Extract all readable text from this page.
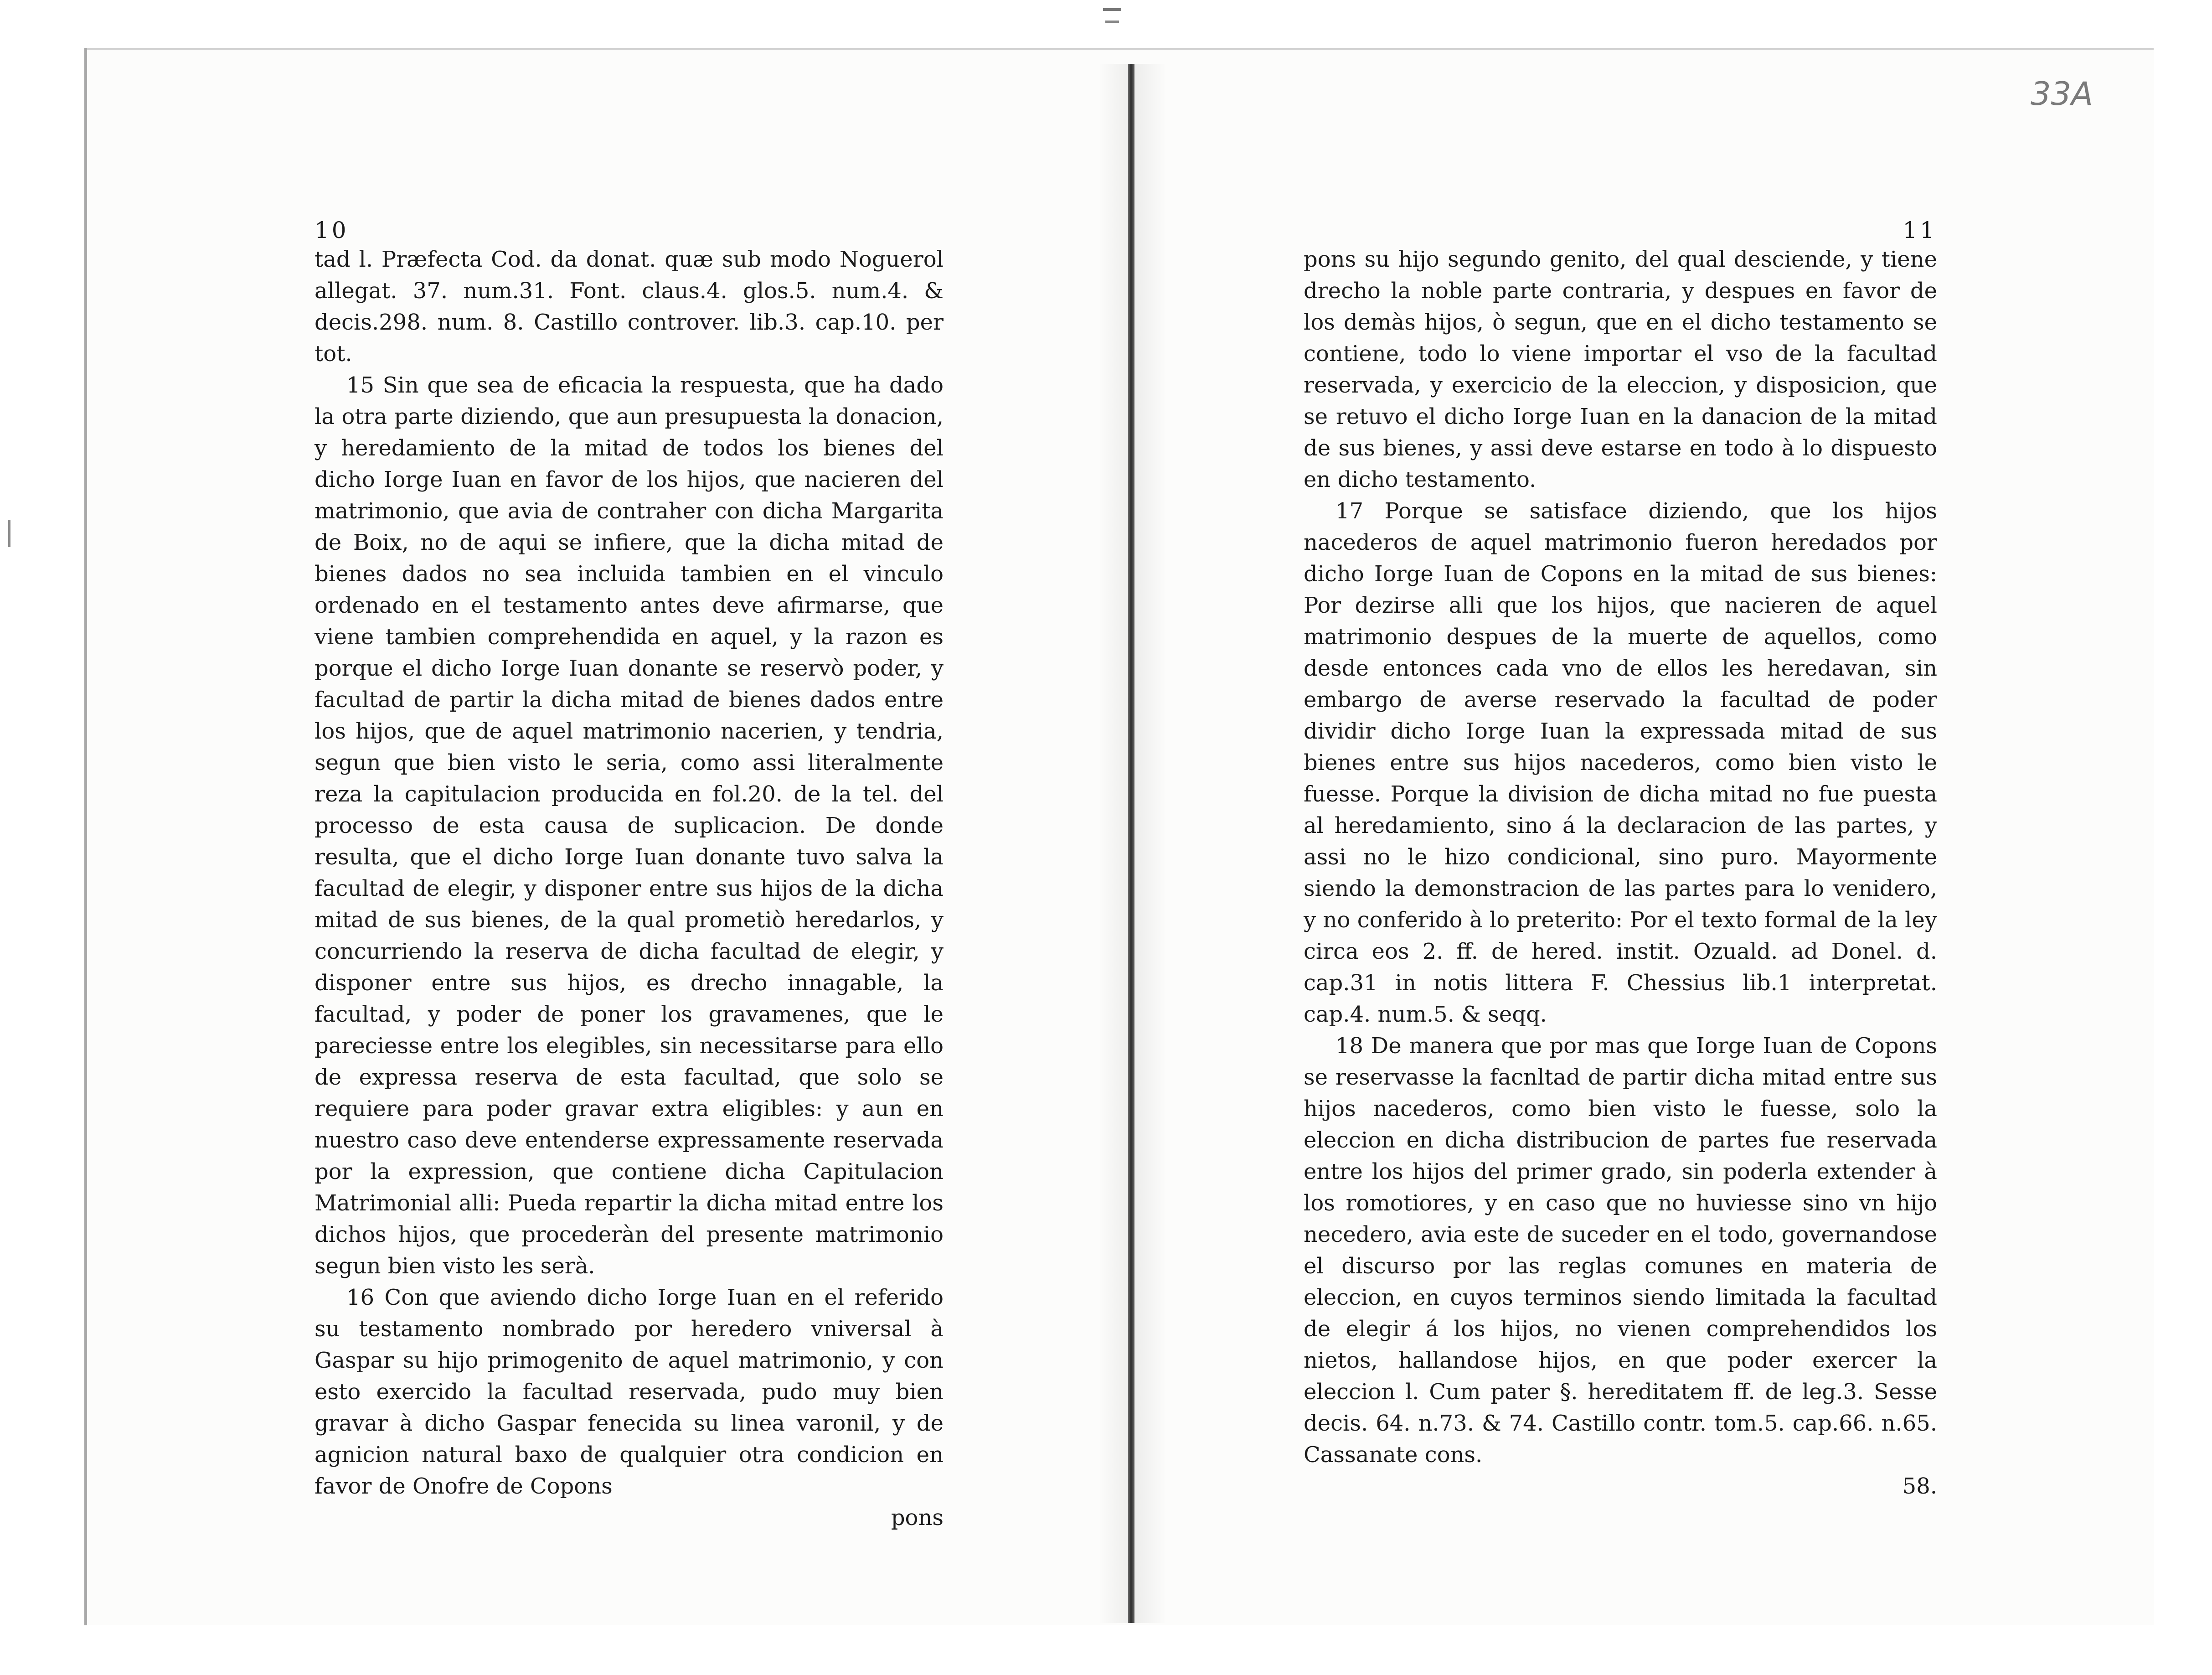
33A
10

tad l. Præfecta Cod. da donat. quæ sub modo Noguerol allegat. 37. num.31. Font. claus.4. glos.5. num.4. & decis.298. num. 8. Castillo controver. lib.3. cap.10. per tot.

15 Sin que sea de eficacia la respuesta, que ha dado la otra parte diziendo, que aun presupuesta la donacion, y heredamiento de la mitad de todos los bienes del dicho Iorge Iuan en favor de los hijos, que nacieren del matrimonio, que avia de contraher con dicha Margarita de Boix, no de aqui se infiere, que la dicha mitad de bienes dados no sea incluida tambien en el vinculo ordenado en el testamento antes deve afirmarse, que viene tambien comprehendida en aquel, y la razon es porque el dicho Iorge Iuan donante se reservò poder, y facultad de partir la dicha mitad de bienes dados entre los hijos, que de aquel matrimonio nacerien, y tendria, segun que bien visto le seria, como assi literalmente reza la capitulacion producida en fol.20. de la tel. del processo de esta causa de suplicacion. De donde resulta, que el dicho Iorge Iuan donante tuvo salva la facultad de elegir, y disponer entre sus hijos de la dicha mitad de sus bienes, de la qual prometiò heredarlos, y concurriendo la reserva de dicha facultad de elegir, y disponer entre sus hijos, es drecho innagable, la facultad, y poder de poner los gravamenes, que le pareciesse entre los elegibles, sin necessitarse para ello de expressa reserva de esta facultad, que solo se requiere para poder gravar extra eligibles: y aun en nuestro caso deve entenderse expressamente reservada por la expression, que contiene dicha Capitulacion Matrimonial alli: Pueda repartir la dicha mitad entre los dichos hijos, que procederàn del presente matrimonio segun bien visto les serà.

16 Con que aviendo dicho Iorge Iuan en el referido su testamento nombrado por heredero vniversal à Gaspar su hijo primogenito de aquel matrimonio, y con esto exercido la facultad reservada, pudo muy bien gravar à dicho Gaspar fenecida su linea varonil, y de agnicion natural baxo de qualquier otra condicion en favor de Onofre de Copons

pons
11

pons su hijo segundo genito, del qual desciende, y tiene drecho la noble parte contraria, y despues en favor de los demàs hijos, ò segun, que en el dicho testamento se contiene, todo lo viene importar el vso de la facultad reservada, y exercicio de la eleccion, y disposicion, que se retuvo el dicho Iorge Iuan en la danacion de la mitad de sus bienes, y assi deve estarse en todo à lo dispuesto en dicho testamento.

17 Porque se satisface diziendo, que los hijos nacederos de aquel matrimonio fueron heredados por dicho Iorge Iuan de Copons en la mitad de sus bienes: Por dezirse alli que los hijos, que nacieren de aquel matrimonio despues de la muerte de aquellos, como desde entonces cada vno de ellos les heredavan, sin embargo de averse reservado la facultad de poder dividir dicho Iorge Iuan la expressada mitad de sus bienes entre sus hijos nacederos, como bien visto le fuesse. Porque la division de dicha mitad no fue puesta al heredamiento, sino á la declaracion de las partes, y assi no le hizo condicional, sino puro. Mayormente siendo la demonstracion de las partes para lo venidero, y no conferido à lo preterito: Por el texto formal de la ley circa eos 2. ff. de hered. instit. Ozuald. ad Donel. d. cap.31 in notis littera F. Chessius lib.1 interpretat. cap.4. num.5. & seqq.

18 De manera que por mas que Iorge Iuan de Copons se reservasse la facnltad de partir dicha mitad entre sus hijos nacederos, como bien visto le fuesse, solo la eleccion en dicha distribucion de partes fue reservada entre los hijos del primer grado, sin poderla extender à los romotiores, y en caso que no huviesse sino vn hijo necedero, avia este de suceder en el todo, governandose el discurso por las reglas comunes en materia de eleccion, en cuyos terminos siendo limitada la facultad de elegir á los hijos, no vienen comprehendidos los nietos, hallandose hijos, en que poder exercer la eleccion l. Cum pater §. hereditatem ff. de leg.3. Sesse decis. 64. n.73. & 74. Castillo contr. tom.5. cap.66. n.65. Cassanate cons.

58.
